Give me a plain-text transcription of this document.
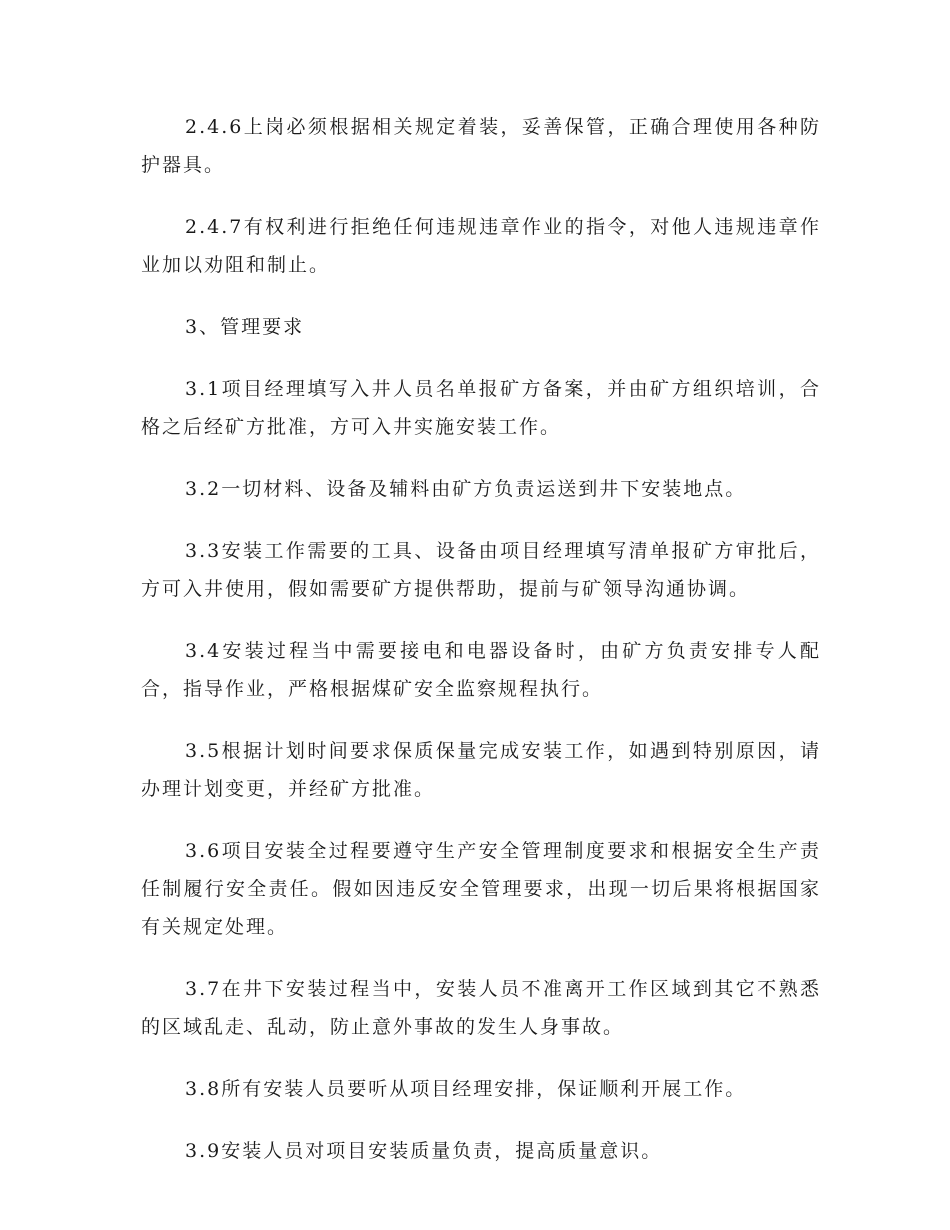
2.4.6上岗必须根据相关规定着装，妥善保管，正确合理使用各种防护器具。

2.4.7有权利进行拒绝任何违规违章作业的指令，对他人违规违章作业加以劝阻和制止。

3、管理要求

3.1项目经理填写入井人员名单报矿方备案，并由矿方组织培训，合格之后经矿方批准，方可入井实施安装工作。

3.2一切材料、设备及辅料由矿方负责运送到井下安装地点。

3.3安装工作需要的工具、设备由项目经理填写清单报矿方审批后，方可入井使用，假如需要矿方提供帮助，提前与矿领导沟通协调。

3.4安装过程当中需要接电和电器设备时，由矿方负责安排专人配合，指导作业，严格根据煤矿安全监察规程执行。

3.5根据计划时间要求保质保量完成安装工作，如遇到特别原因，请办理计划变更，并经矿方批准。

3.6项目安装全过程要遵守生产安全管理制度要求和根据安全生产责任制履行安全责任。假如因违反安全管理要求，出现一切后果将根据国家有关规定处理。

3.7在井下安装过程当中，安装人员不准离开工作区域到其它不熟悉的区域乱走、乱动，防止意外事故的发生人身事故。

3.8所有安装人员要听从项目经理安排，保证顺利开展工作。

3.9安装人员对项目安装质量负责，提高质量意识。
